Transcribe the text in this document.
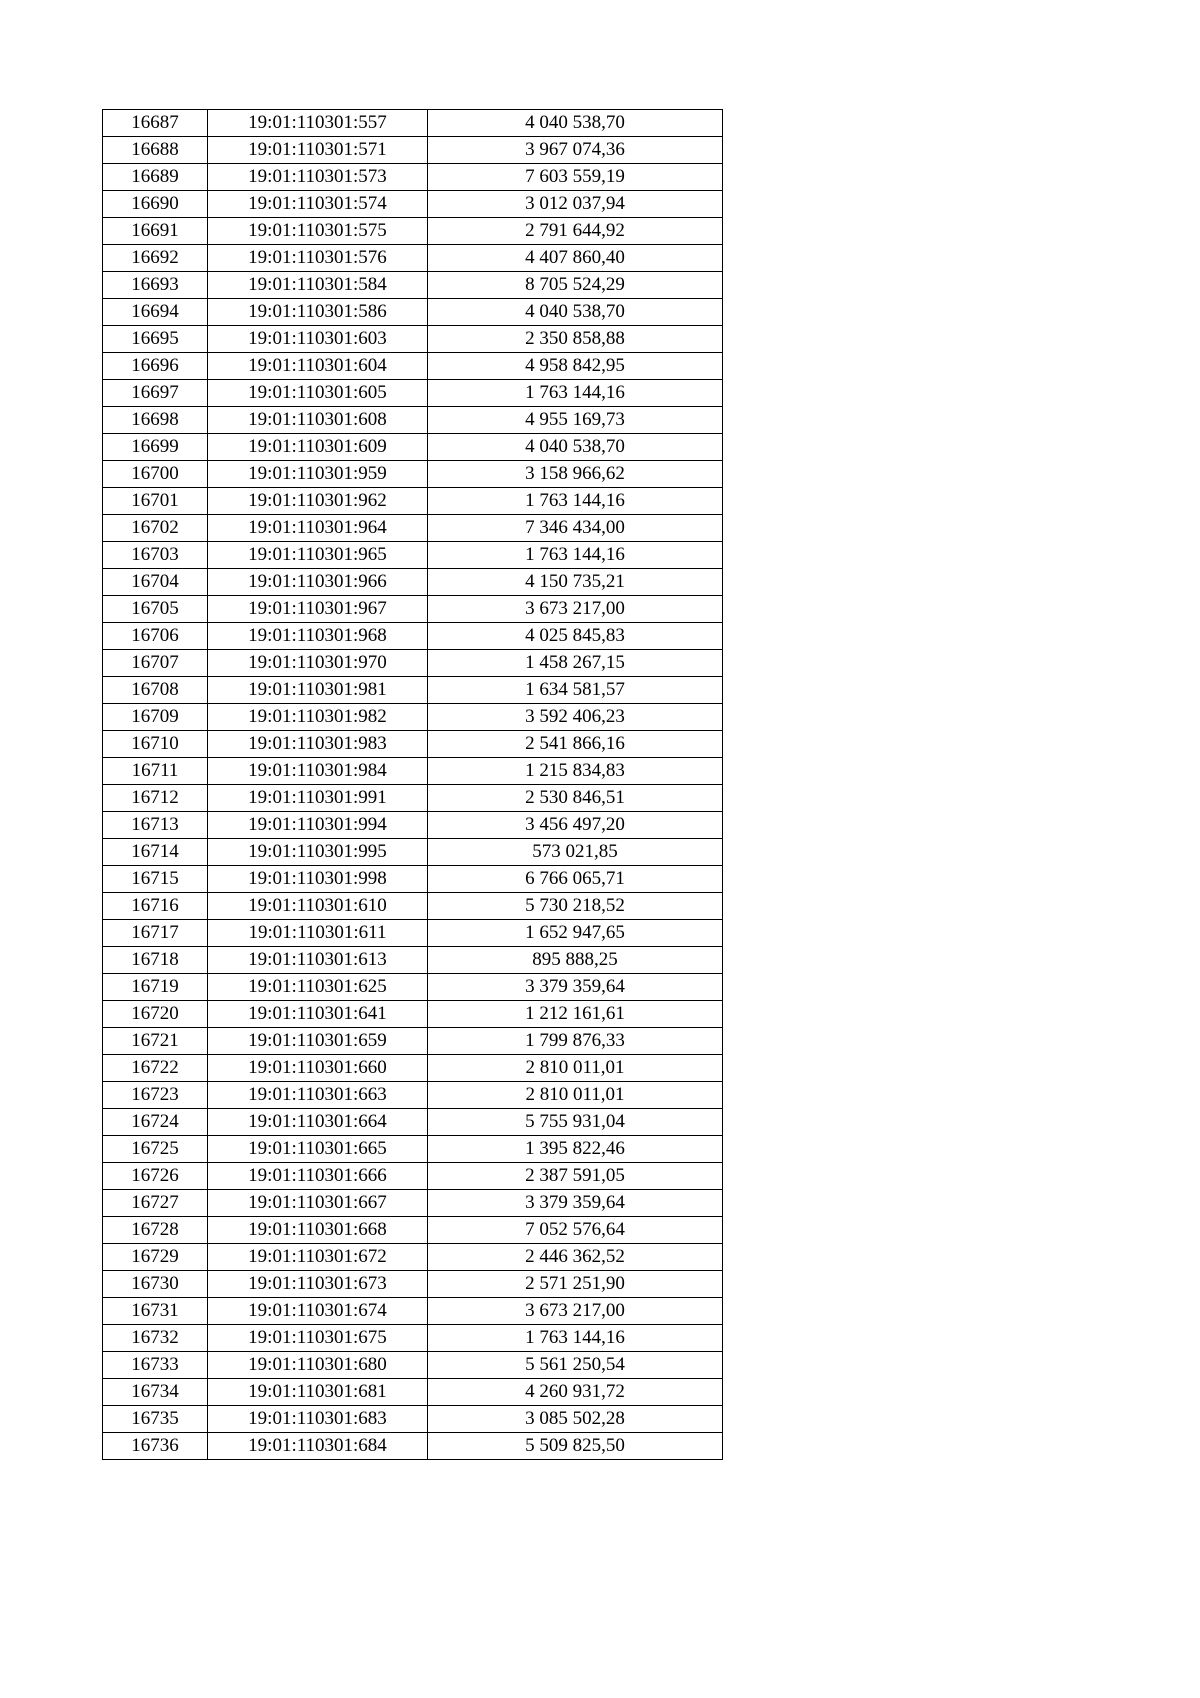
16687	19:01:110301:557	4 040 538,70
16688	19:01:110301:571	3 967 074,36
16689	19:01:110301:573	7 603 559,19
16690	19:01:110301:574	3 012 037,94
16691	19:01:110301:575	2 791 644,92
16692	19:01:110301:576	4 407 860,40
16693	19:01:110301:584	8 705 524,29
16694	19:01:110301:586	4 040 538,70
16695	19:01:110301:603	2 350 858,88
16696	19:01:110301:604	4 958 842,95
16697	19:01:110301:605	1 763 144,16
16698	19:01:110301:608	4 955 169,73
16699	19:01:110301:609	4 040 538,70
16700	19:01:110301:959	3 158 966,62
16701	19:01:110301:962	1 763 144,16
16702	19:01:110301:964	7 346 434,00
16703	19:01:110301:965	1 763 144,16
16704	19:01:110301:966	4 150 735,21
16705	19:01:110301:967	3 673 217,00
16706	19:01:110301:968	4 025 845,83
16707	19:01:110301:970	1 458 267,15
16708	19:01:110301:981	1 634 581,57
16709	19:01:110301:982	3 592 406,23
16710	19:01:110301:983	2 541 866,16
16711	19:01:110301:984	1 215 834,83
16712	19:01:110301:991	2 530 846,51
16713	19:01:110301:994	3 456 497,20
16714	19:01:110301:995	573 021,85
16715	19:01:110301:998	6 766 065,71
16716	19:01:110301:610	5 730 218,52
16717	19:01:110301:611	1 652 947,65
16718	19:01:110301:613	895 888,25
16719	19:01:110301:625	3 379 359,64
16720	19:01:110301:641	1 212 161,61
16721	19:01:110301:659	1 799 876,33
16722	19:01:110301:660	2 810 011,01
16723	19:01:110301:663	2 810 011,01
16724	19:01:110301:664	5 755 931,04
16725	19:01:110301:665	1 395 822,46
16726	19:01:110301:666	2 387 591,05
16727	19:01:110301:667	3 379 359,64
16728	19:01:110301:668	7 052 576,64
16729	19:01:110301:672	2 446 362,52
16730	19:01:110301:673	2 571 251,90
16731	19:01:110301:674	3 673 217,00
16732	19:01:110301:675	1 763 144,16
16733	19:01:110301:680	5 561 250,54
16734	19:01:110301:681	4 260 931,72
16735	19:01:110301:683	3 085 502,28
16736	19:01:110301:684	5 509 825,50
